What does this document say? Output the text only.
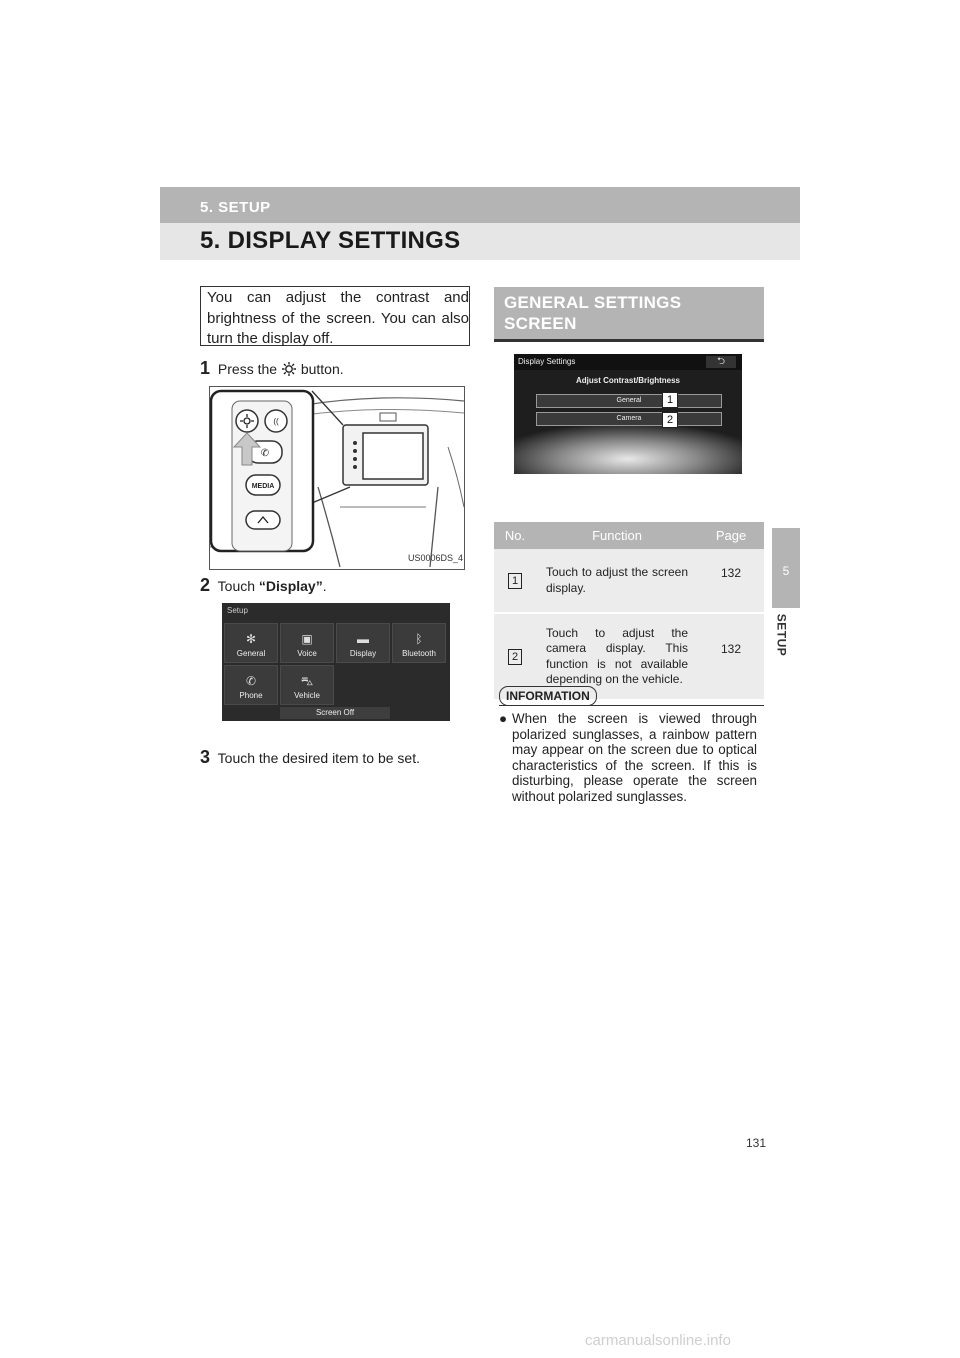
5. SETUP
5. DISPLAY SETTINGS
5
SETUP

You can adjust the contrast and brightness of the screen. You can also turn the display off.

1 Press the button.
((
✆
MEDIA
US0006DS_4
2 Touch “Display”.
Setup
✻
General
▣
Voice
▬
Display
ᛒ
Bluetooth
✆
Phone
⛍
Vehicle
Screen Off
3 Touch the desired item to be set.
GENERAL SETTINGS
SCREEN
Display Settings	⮌
Adjust Contrast/Brightness
General
Camera
1
2
No.	Function	Page
1	Touch to adjust the screen display.	132
2	Touch to adjust the camera display. This function is not available depending on the vehicle.	132
INFORMATION
● When the screen is viewed through polarized sunglasses, a rainbow pattern may appear on the screen due to optical characteristics of the screen. If this is disturbing, please operate the screen without polarized sunglasses.

131
carmanualsonline.info
